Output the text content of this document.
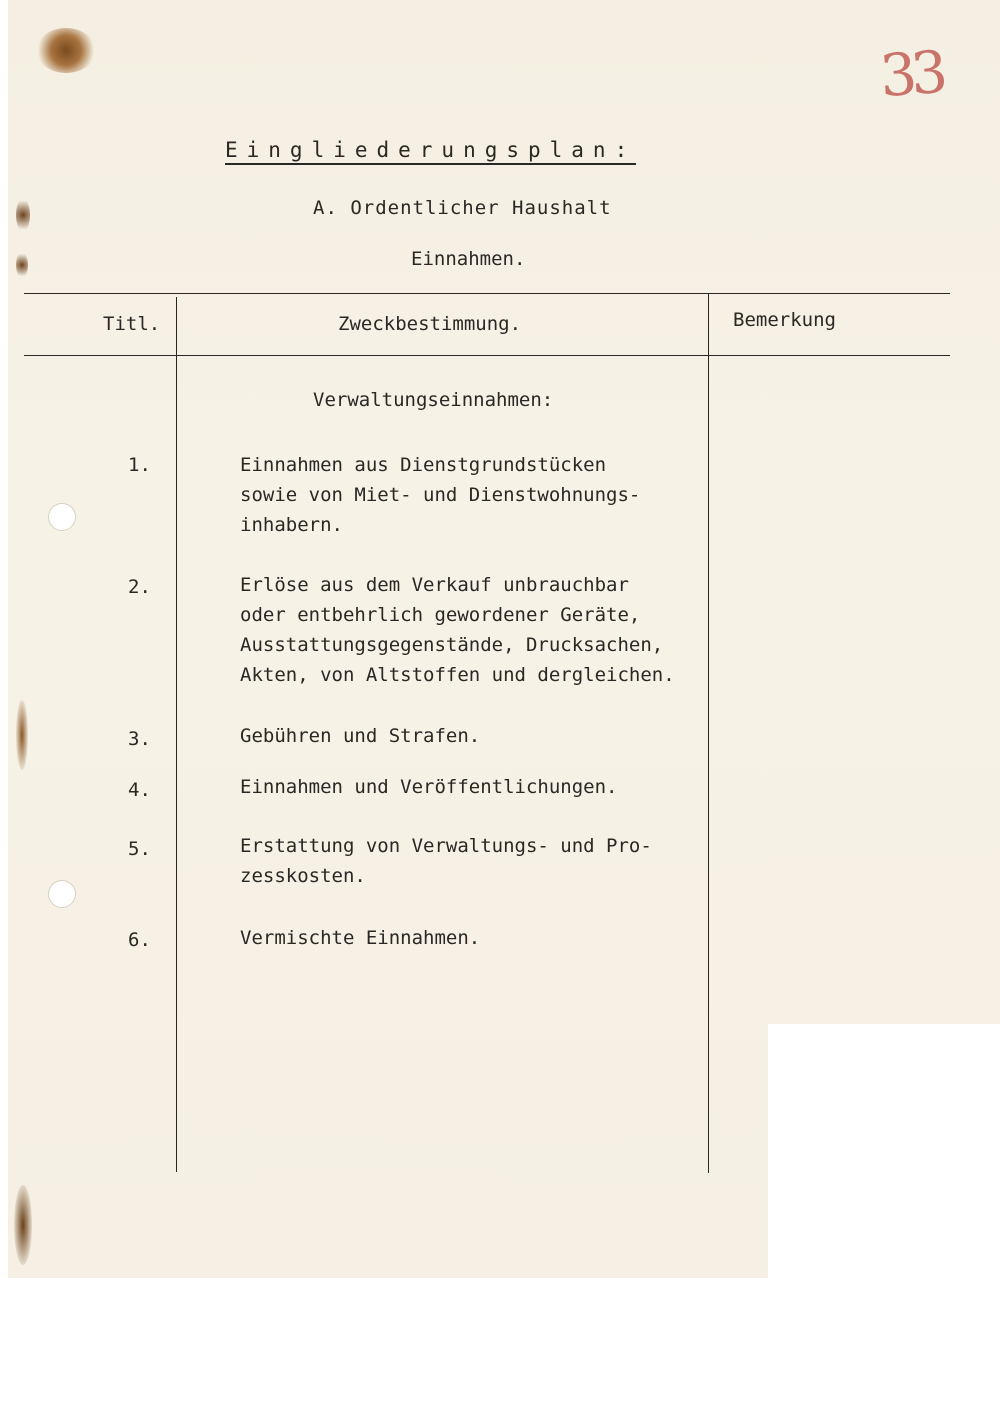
33
Eingliederungsplan:
A. Ordentlicher Haushalt
Einnahmen.
Titl.	Zweckbestimmung.	Bemerkung
Verwaltungseinnahmen:
1.	Einnahmen aus Dienstgrundstücken
sowie von Miet- und Dienstwohnungs-
inhabern.
2.	Erlöse aus dem Verkauf unbrauchbar
oder entbehrlich gewordener Geräte,
Ausstattungsgegenstände, Drucksachen,
Akten, von Altstoffen und dergleichen.
3.	Gebühren und Strafen.
4.	Einnahmen und Veröffentlichungen.
5.	Erstattung von Verwaltungs- und Pro-
zesskosten.
6.	Vermischte Einnahmen.
